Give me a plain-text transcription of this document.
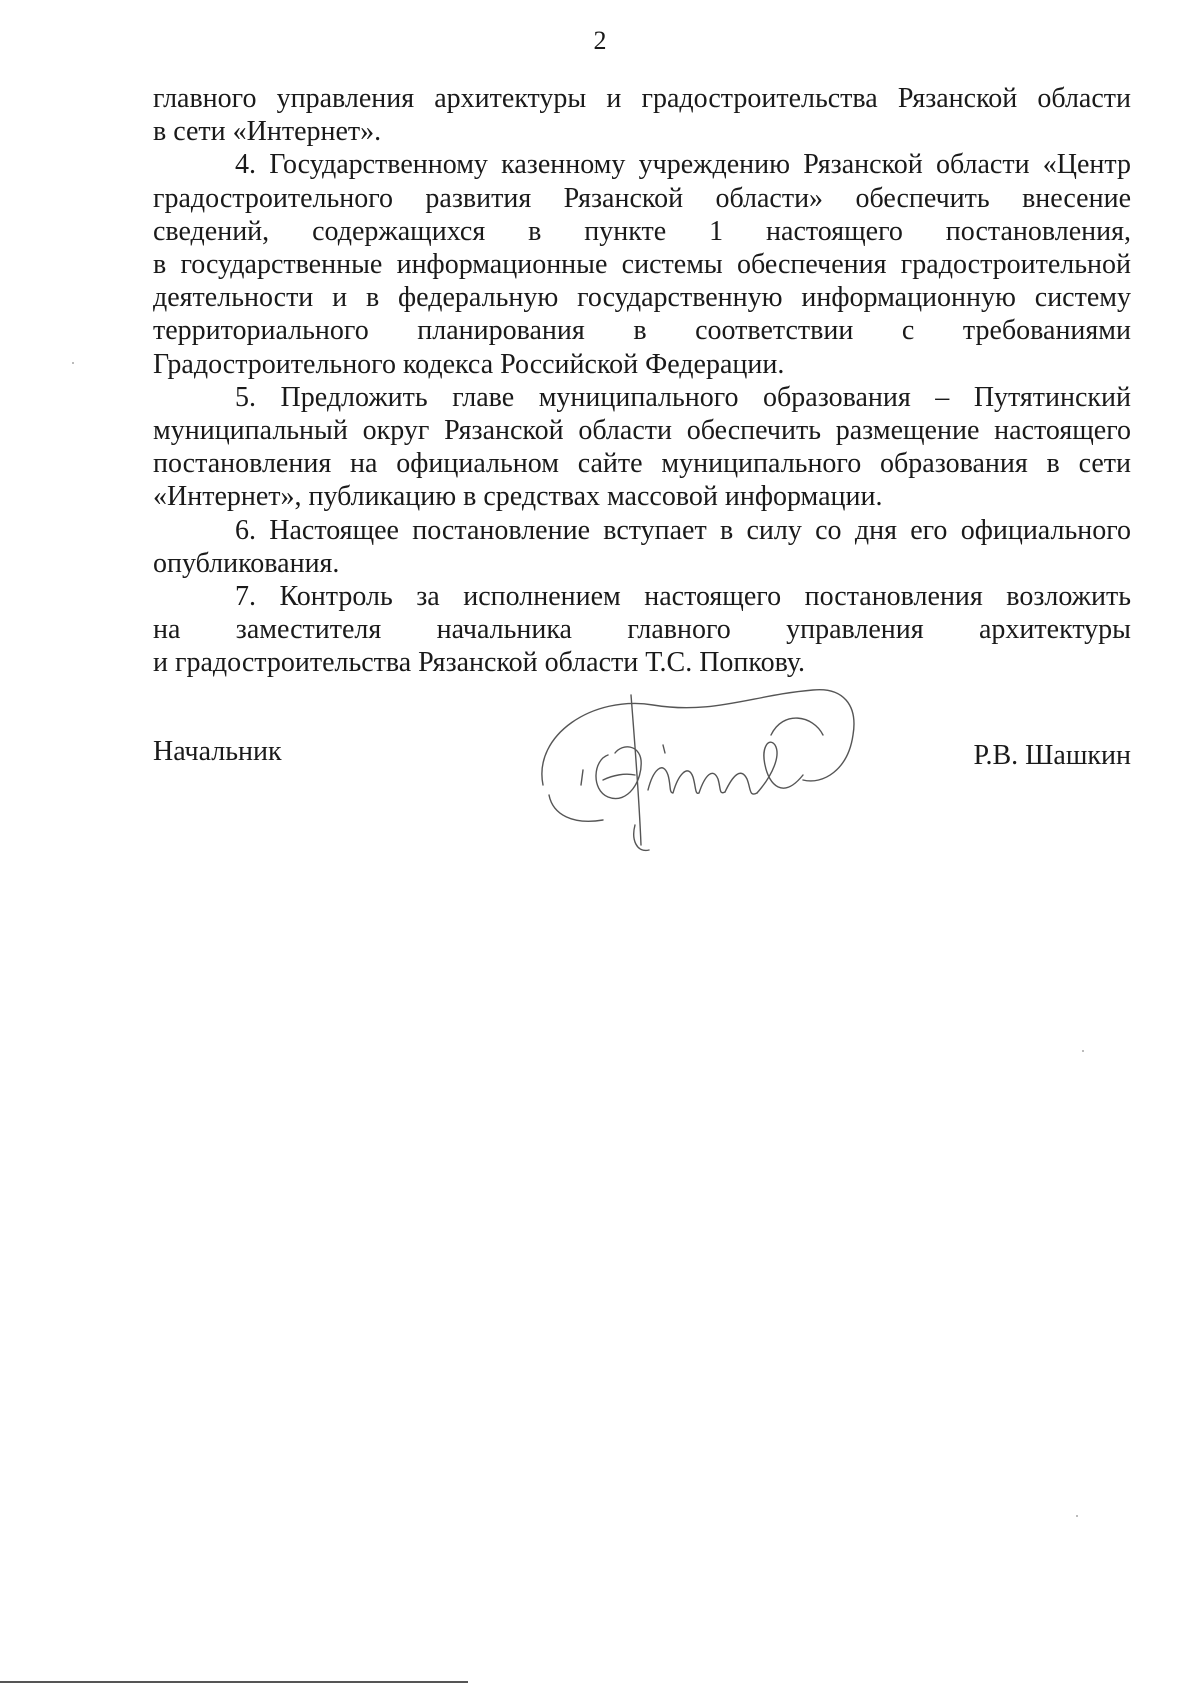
2

главного управления архитектуры и градостроительства Рязанской области

в сети «Интернет».

4. Государственному казенному учреждению Рязанской области «Центр

градостроительного развития Рязанской области» обеспечить внесение

сведений, содержащихся в пункте 1 настоящего постановления,

в государственные информационные системы обеспечения градостроительной

деятельности и в федеральную государственную информационную систему

территориального планирования в соответствии с требованиями

Градостроительного кодекса Российской Федерации.

5. Предложить главе муниципального образования – Путятинский

муниципальный округ Рязанской области обеспечить размещение настоящего

постановления на официальном сайте муниципального образования в сети

«Интернет», публикацию в средствах массовой информации.

6. Настоящее постановление вступает в силу со дня его официального

опубликования.

7. Контроль за исполнением настоящего постановления возложить

на заместителя начальника главного управления архитектуры

и градостроительства Рязанской области Т.С. Попкову.

Начальник	Р.В. Шашкин
